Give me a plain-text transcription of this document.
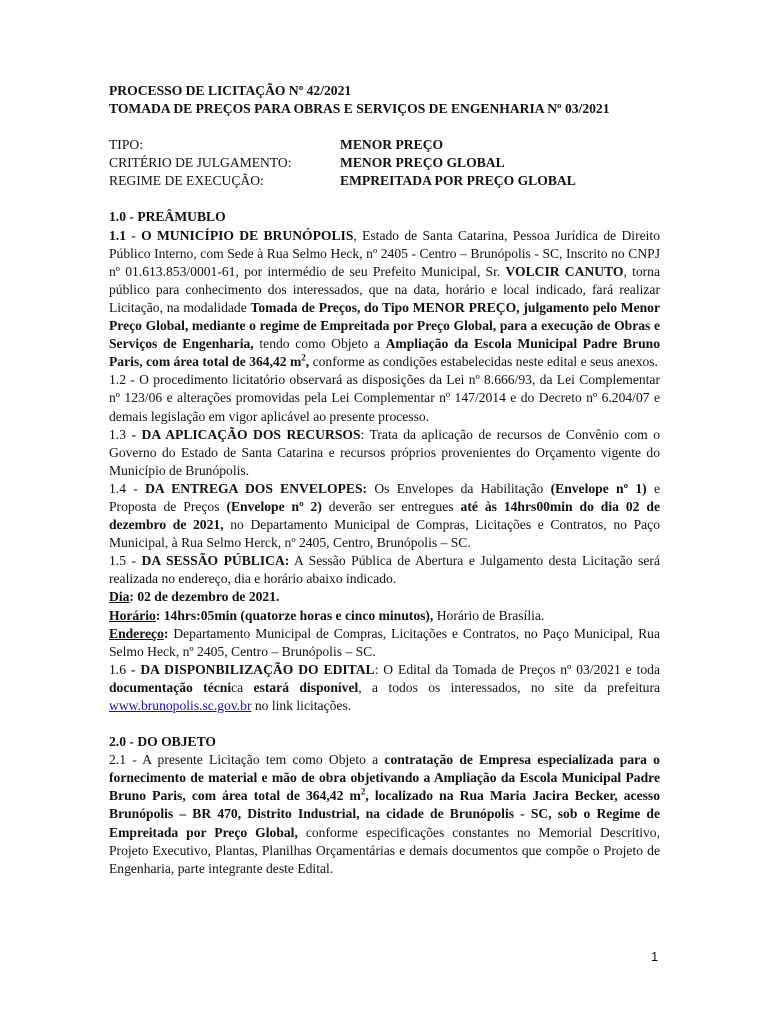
PROCESSO DE LICITAÇÃO Nº 42/2021
TOMADA DE PREÇOS PARA OBRAS E SERVIÇOS DE ENGENHARIA Nº 03/2021
TIPO:	MENOR PREÇO
CRITÉRIO DE JULGAMENTO:	MENOR PREÇO GLOBAL
REGIME DE EXECUÇÃO:	EMPREITADA POR PREÇO GLOBAL

1.0 - PREÂMUBLO

1.1 - O MUNICÍPIO DE BRUNÓPOLIS, Estado de Santa Catarina, Pessoa Jurídica de Direito Público Interno, com Sede à Rua Selmo Heck, nº 2405 - Centro – Brunópolis - SC, Inscrito no CNPJ nº 01.613.853/0001-61, por intermédio de seu Prefeito Municipal, Sr. VOLCIR CANUTO, torna público para conhecimento dos interessados, que na data, horário e local indicado, fará realizar Licitação, na modalidade Tomada de Preços, do Tipo MENOR PREÇO, julgamento pelo Menor Preço Global, mediante o regime de Empreitada por Preço Global, para a execução de Obras e Serviços de Engenharia, tendo como Objeto a Ampliação da Escola Municipal Padre Bruno Paris, com área total de 364,42 $m^2$, conforme as condições estabelecidas neste edital e seus anexos.

1.2 - O procedimento licitatório observará as disposições da Lei nº 8.666/93, da Lei Complementar nº 123/06 e alterações promovidas pela Lei Complementar nº 147/2014 e do Decreto nº 6.204/07 e demais legislação em vigor aplicável ao presente processo.

1.3 - DA APLICAÇÃO DOS RECURSOS: Trata da aplicação de recursos de Convênio com o Governo do Estado de Santa Catarina e recursos próprios provenientes do Orçamento vigente do Município de Brunópolis.

1.4 - DA ENTREGA DOS ENVELOPES: Os Envelopes da Habilitação (Envelope nº 1) e Proposta de Preços (Envelope nº 2) deverão ser entregues até às 14hrs00min do dia 02 de dezembro de 2021, no Departamento Municipal de Compras, Licitações e Contratos, no Paço Municipal, à Rua Selmo Herck, nº 2405, Centro, Brunópolis – SC.

1.5 - DA SESSÃO PÚBLICA: A Sessão Pública de Abertura e Julgamento desta Licitação será realizada no endereço, dia e horário abaixo indicado.

Dia: 02 de dezembro de 2021.

Horário: 14hrs:05min (quatorze horas e cinco minutos), Horário de Brasília.

Endereço: Departamento Municipal de Compras, Licitações e Contratos, no Paço Municipal, Rua Selmo Heck, nº 2405, Centro – Brunópolis – SC.

1.6 - DA DISPONBILIZAÇÃO DO EDITAL: O Edital da Tomada de Preços nº 03/2021 e toda documentação técnica estará disponível, a todos os interessados, no site da prefeitura www.brunopolis.sc.gov.br no link licitações.

2.0 - DO OBJETO

2.1 - A presente Licitação tem como Objeto a contratação de Empresa especializada para o fornecimento de material e mão de obra objetivando a Ampliação da Escola Municipal Padre Bruno Paris, com área total de 364,42 $m^2$, localizado na Rua Maria Jacira Becker, acesso Brunópolis – BR 470, Distrito Industrial, na cidade de Brunópolis - SC, sob o Regime de Empreitada por Preço Global, conforme especificações constantes no Memorial Descritivo, Projeto Executivo, Plantas, Planilhas Orçamentárias e demais documentos que compõe o Projeto de Engenharia, parte integrante deste Edital.

1
